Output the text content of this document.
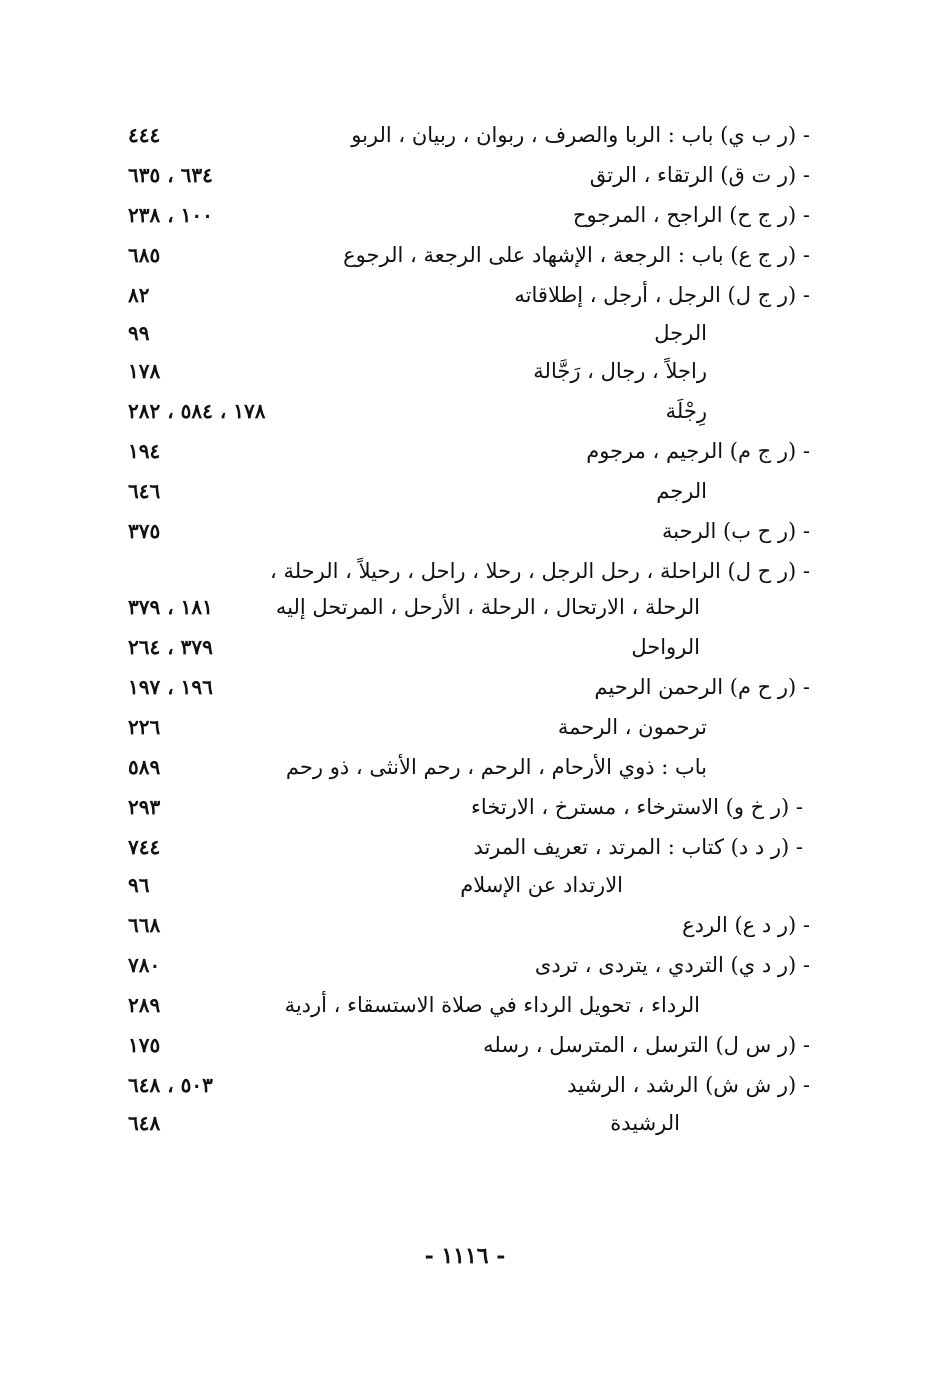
- (ر ب ي) باب : الربا والصرف ، ربوان ، ربيان ، الربو
٤٤٤
- (ر ت ق) الرتقاء ، الرتق
٦٣٤ ، ٦٣٥
- (ر ج ح) الراجح ، المرجوح
١٠٠ ، ٢٣٨
- (ر ج ع) باب : الرجعة ، الإشهاد على الرجعة ، الرجوع
٦٨٥
- (ر ج ل) الرجل ، أرجل ، إطلاقاته
٨٢
الرجل
٩٩
راجلاً ، رجال ، رَجَّالة
١٧٨
رِجْلَة
١٧٨ ، ٥٨٤ ، ٢٨٢
- (ر ج م) الرجيم ، مرجوم
١٩٤
الرجم
٦٤٦
- (ر ح ب) الرحبة
٣٧٥
- (ر ح ل) الراحلة ، رحل الرجل ، رحلا ، راحل ، رحيلاً ، الرحلة ،
الرحلة ، الارتحال ، الرحلة ، الأرحل ، المرتحل إليه
١٨١ ، ٣٧٩
الرواحل
٣٧٩ ، ٢٦٤
- (ر ح م) الرحمن الرحيم
١٩٦ ، ١٩٧
ترحمون ، الرحمة
٢٢٦
باب : ذوي الأرحام ، الرحم ، رحم الأنثى ، ذو رحم
٥٨٩
- (ر خ و) الاسترخاء ، مسترخ ، الارتخاء
٢٩٣
- (ر د د) كتاب : المرتد ، تعريف المرتد
٧٤٤
الارتداد عن الإسلام
٩٦
- (ر د ع) الردع
٦٦٨
- (ر د ي) التردي ، يتردى ، تردى
٧٨٠
الرداء ، تحويل الرداء في صلاة الاستسقاء ، أردية
٢٨٩
- (ر س ل) الترسل ، المترسل ، رسله
١٧٥
- (ر ش ش) الرشد ، الرشيد
٥٠٣ ، ٦٤٨
الرشيدة
٦٤٨
- ١١١٦ -
